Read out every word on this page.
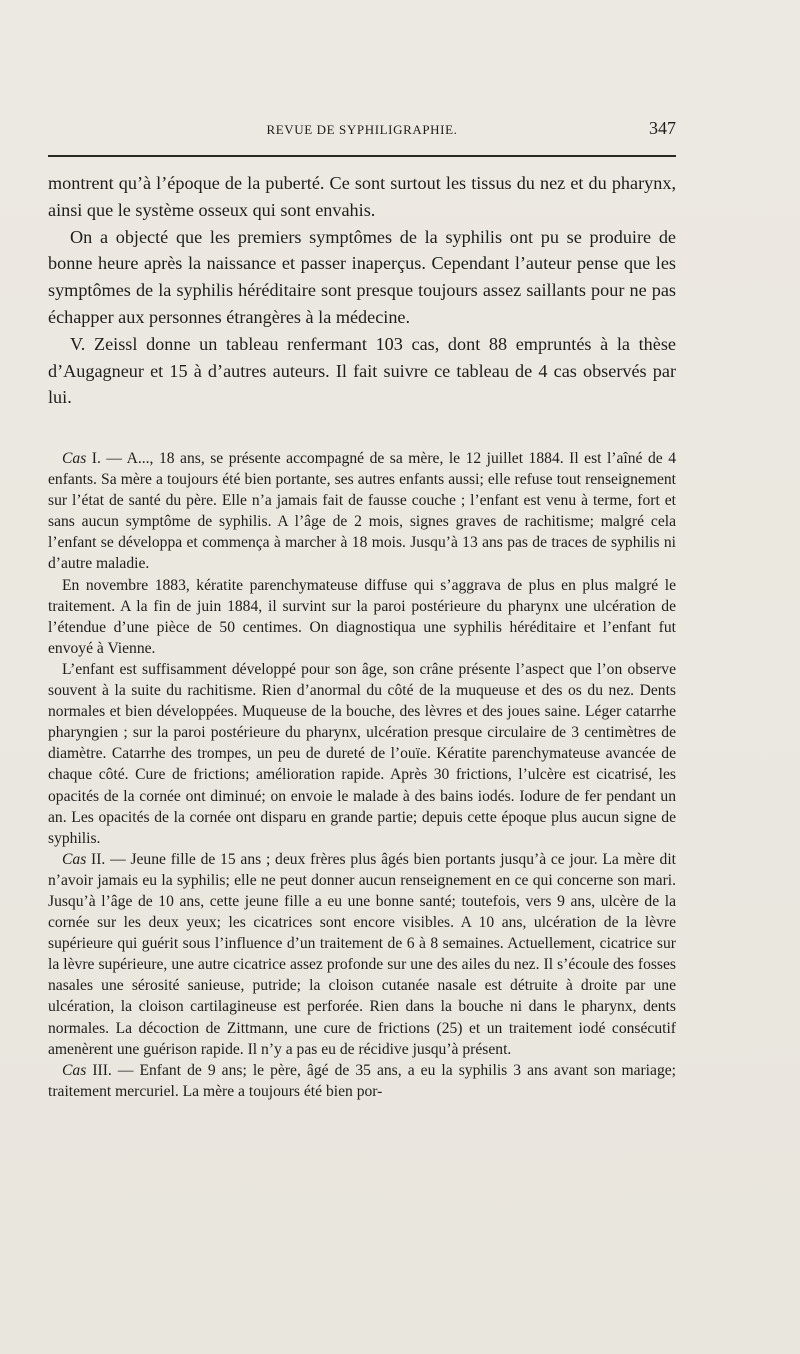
REVUE DE SYPHILIGRAPHIE.	347

montrent qu’à l’époque de la puberté. Ce sont surtout les tissus du nez et du pharynx, ainsi que le système osseux qui sont envahis.

On a objecté que les premiers symptômes de la syphilis ont pu se produire de bonne heure après la naissance et passer inaperçus. Cependant l’auteur pense que les symptômes de la syphilis héréditaire sont presque toujours assez saillants pour ne pas échapper aux personnes étrangères à la médecine.

V. Zeissl donne un tableau renfermant 103 cas, dont 88 empruntés à la thèse d’Augagneur et 15 à d’autres auteurs. Il fait suivre ce tableau de 4 cas observés par lui.

Cas I. — A..., 18 ans, se présente accompagné de sa mère, le 12 juillet 1884. Il est l’aîné de 4 enfants. Sa mère a toujours été bien portante, ses autres enfants aussi; elle refuse tout renseignement sur l’état de santé du père. Elle n’a jamais fait de fausse couche ; l’enfant est venu à terme, fort et sans aucun symptôme de syphilis. A l’âge de 2 mois, signes graves de rachitisme; malgré cela l’enfant se développa et commença à marcher à 18 mois. Jusqu’à 13 ans pas de traces de syphilis ni d’autre maladie.

En novembre 1883, kératite parenchymateuse diffuse qui s’aggrava de plus en plus malgré le traitement. A la fin de juin 1884, il survint sur la paroi postérieure du pharynx une ulcération de l’étendue d’une pièce de 50 centimes. On diagnostiqua une syphilis héréditaire et l’enfant fut envoyé à Vienne.

L’enfant est suffisamment développé pour son âge, son crâne présente l’aspect que l’on observe souvent à la suite du rachitisme. Rien d’anormal du côté de la muqueuse et des os du nez. Dents normales et bien développées. Muqueuse de la bouche, des lèvres et des joues saine. Léger catarrhe pharyngien ; sur la paroi postérieure du pharynx, ulcération presque circulaire de 3 centimètres de diamètre. Catarrhe des trompes, un peu de dureté de l’ouïe. Kératite parenchymateuse avancée de chaque côté. Cure de frictions; amélioration rapide. Après 30 frictions, l’ulcère est cicatrisé, les opacités de la cornée ont diminué; on envoie le malade à des bains iodés. Iodure de fer pendant un an. Les opacités de la cornée ont disparu en grande partie; depuis cette époque plus aucun signe de syphilis.

Cas II. — Jeune fille de 15 ans ; deux frères plus âgés bien portants jusqu’à ce jour. La mère dit n’avoir jamais eu la syphilis; elle ne peut donner aucun renseignement en ce qui concerne son mari. Jusqu’à l’âge de 10 ans, cette jeune fille a eu une bonne santé; toutefois, vers 9 ans, ulcère de la cornée sur les deux yeux; les cicatrices sont encore visibles. A 10 ans, ulcération de la lèvre supérieure qui guérit sous l’influence d’un traitement de 6 à 8 semaines. Actuellement, cicatrice sur la lèvre supérieure, une autre cicatrice assez profonde sur une des ailes du nez. Il s’écoule des fosses nasales une sérosité sanieuse, putride; la cloison cutanée nasale est détruite à droite par une ulcération, la cloison cartilagineuse est perforée. Rien dans la bouche ni dans le pharynx, dents normales. La décoction de Zittmann, une cure de frictions (25) et un traitement iodé consécutif amenèrent une guérison rapide. Il n’y a pas eu de récidive jusqu’à présent.

Cas III. — Enfant de 9 ans; le père, âgé de 35 ans, a eu la syphilis 3 ans avant son mariage; traitement mercuriel. La mère a toujours été bien por-
